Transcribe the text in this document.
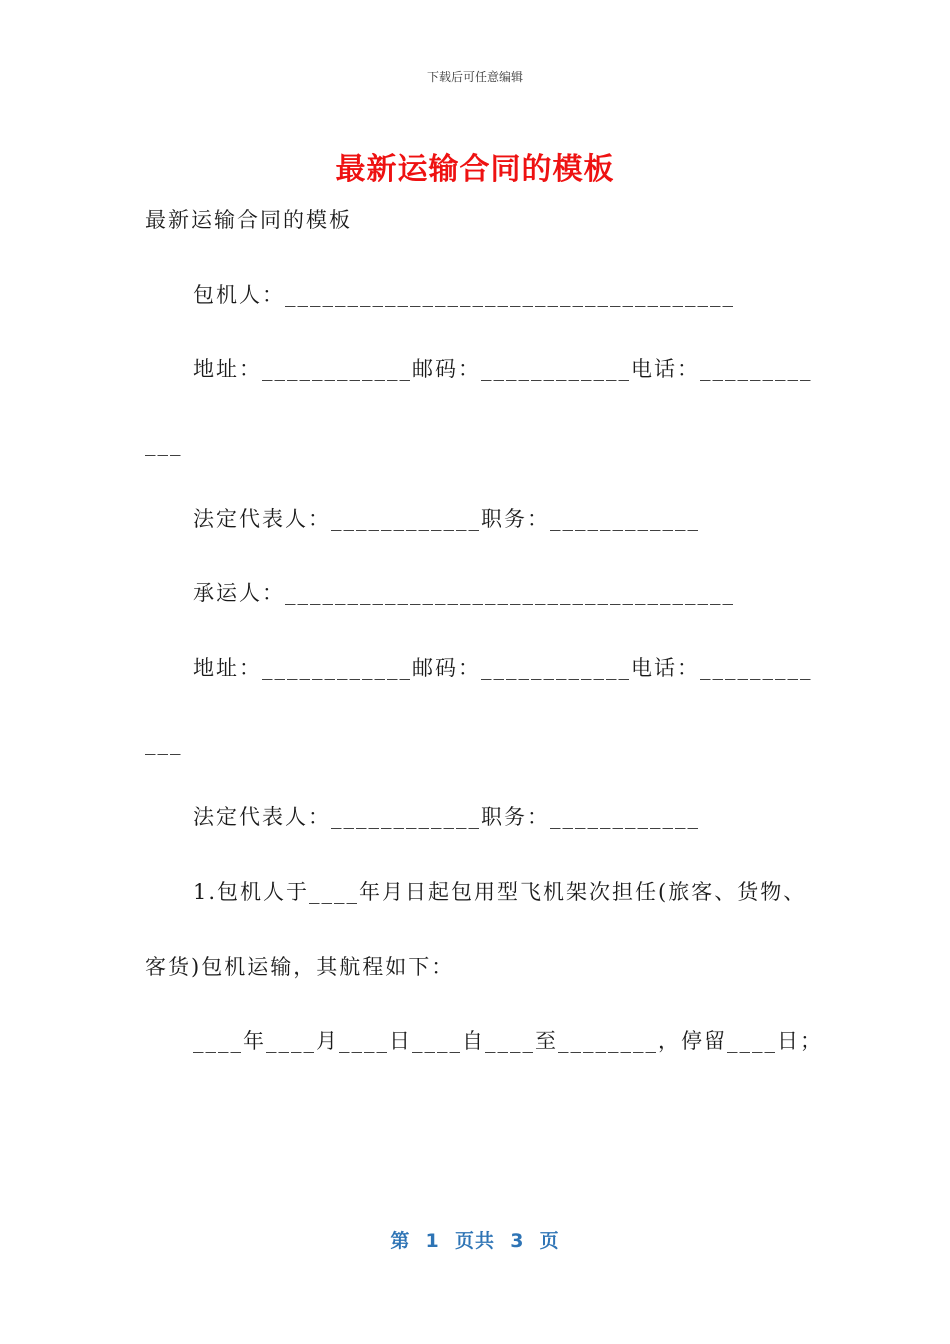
下载后可任意编辑
最新运输合同的模板
最新运输合同的模板
包机人：____________________________________
地址：____________邮码：____________电话：_________
___
法定代表人：____________职务：____________
承运人：____________________________________
地址：____________邮码：____________电话：_________
___
法定代表人：____________职务：____________
1.包机人于____年月日起包用型飞机架次担任(旅客、货物、
客货)包机运输，其航程如下：
____年____月____日____自____至________，停留____日；
第  1  页共  3  页
